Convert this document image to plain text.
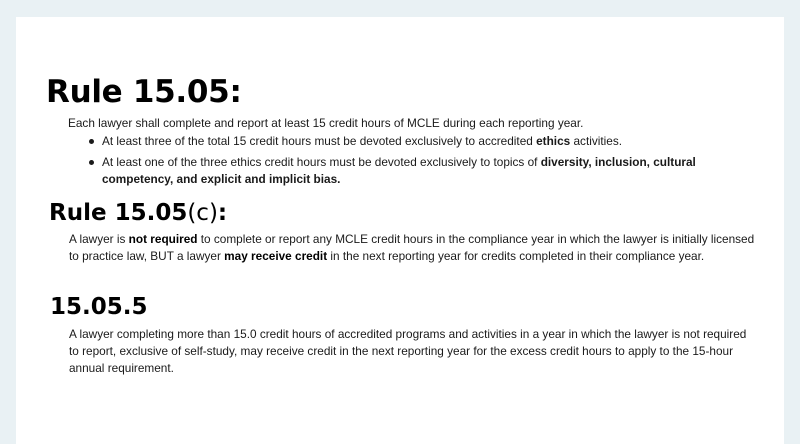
Rule 15.05:

Each lawyer shall complete and report at least 15 credit hours of MCLE during each reporting year.

At least three of the total 15 credit hours must be devoted exclusively to accredited ethics activities.
At least one of the three ethics credit hours must be devoted exclusively to topics of diversity, inclusion, cultural competency, and explicit and implicit bias.
Rule 15.05(c):

A lawyer is not required to complete or report any MCLE credit hours in the compliance year in which the lawyer is initially licensed to practice law, BUT a lawyer may receive credit in the next reporting year for credits completed in their compliance year.

15.05.5

A lawyer completing more than 15.0 credit hours of accredited programs and activities in a year in which the lawyer is not required to report, exclusive of self-study, may receive credit in the next reporting year for the excess credit hours to apply to the 15-hour annual requirement.
